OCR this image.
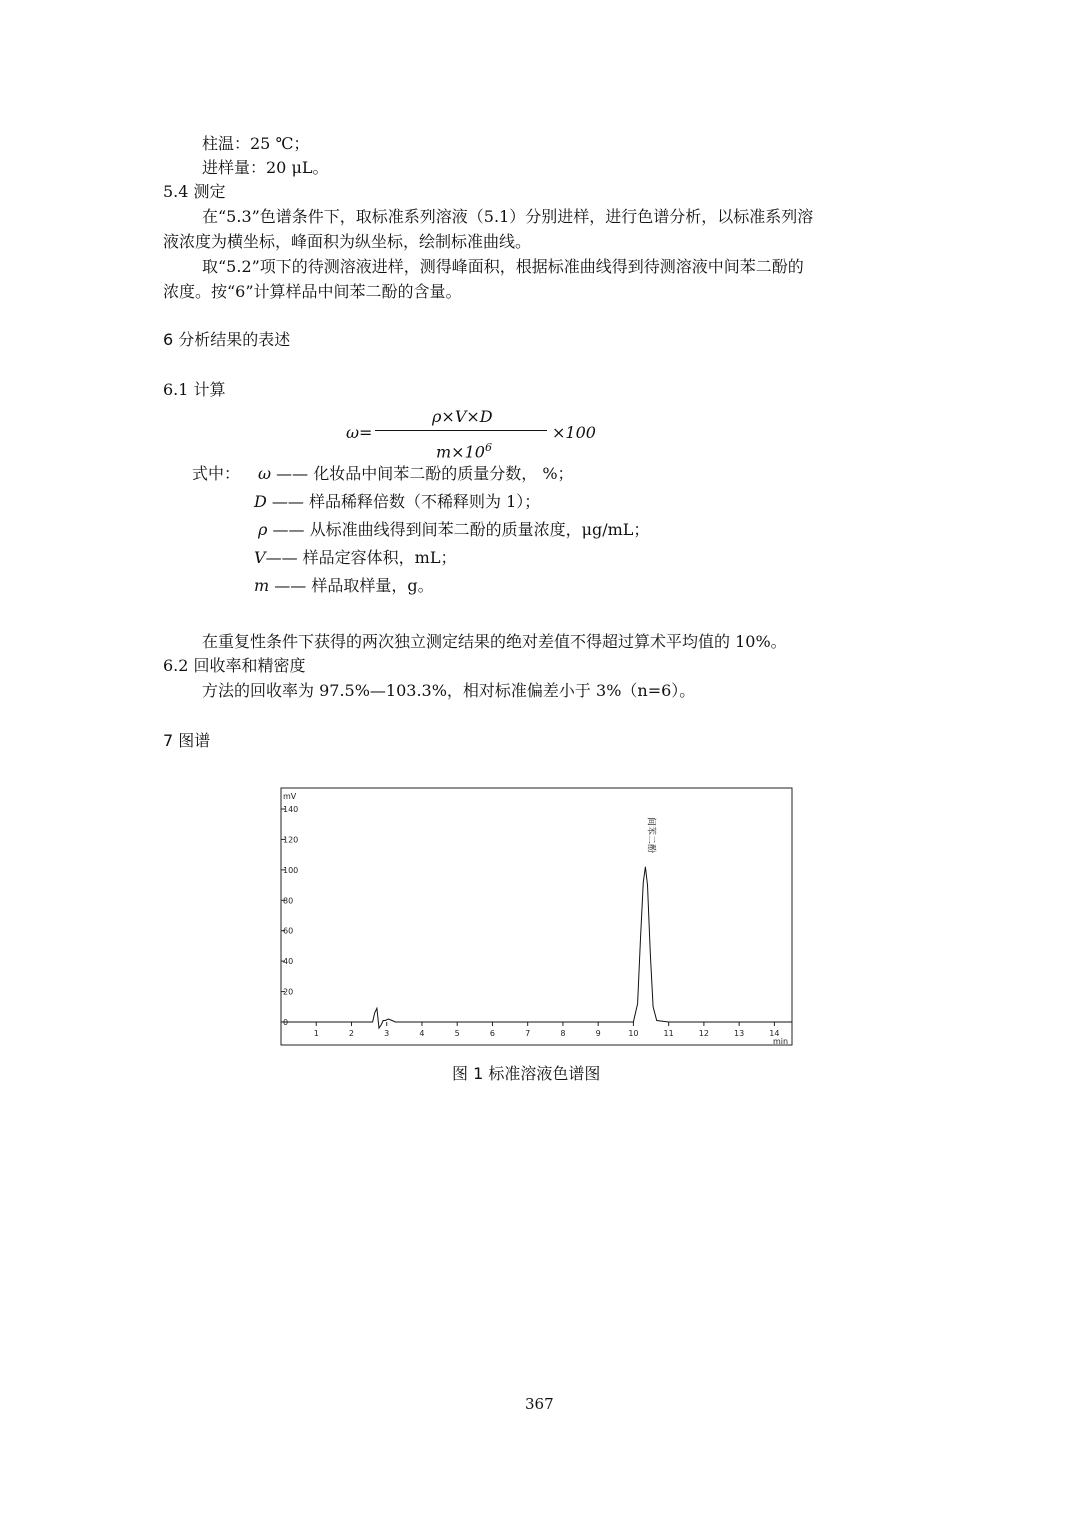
柱温：25 ℃；
进样量：20 μL。
5.4 测定
在“5.3”色谱条件下，取标准系列溶液（5.1）分别进样，进行色谱分析，以标准系列溶
液浓度为横坐标，峰面积为纵坐标，绘制标准曲线。
取“5.2”项下的待测溶液进样，测得峰面积，根据标准曲线得到待测溶液中间苯二酚的
浓度。按“6”计算样品中间苯二酚的含量。
6 分析结果的表述
6.1 计算
ω=
ρ×V×D
$m\times 10^6$
×100
式中： ω —— 化妆品中间苯二酚的质量分数， %；
D —— 样品稀释倍数（不稀释则为 1）；
ρ —— 从标准曲线得到间苯二酚的质量浓度，μg/mL；
V—— 样品定容体积，mL；
m —— 样品取样量，g。
在重复性条件下获得的两次独立测定结果的绝对差值不得超过算术平均值的 10%。
6.2 回收率和精密度
方法的回收率为 97.5%—103.3%，相对标准偏差小于 3%（n=6）。
7 图谱
mV
0
20
40
60
80
100
120
140
1	2	3	4	5	6	7	8	9	10	11	12	13	14
min
间苯二酚
图 1 标准溶液色谱图
367
